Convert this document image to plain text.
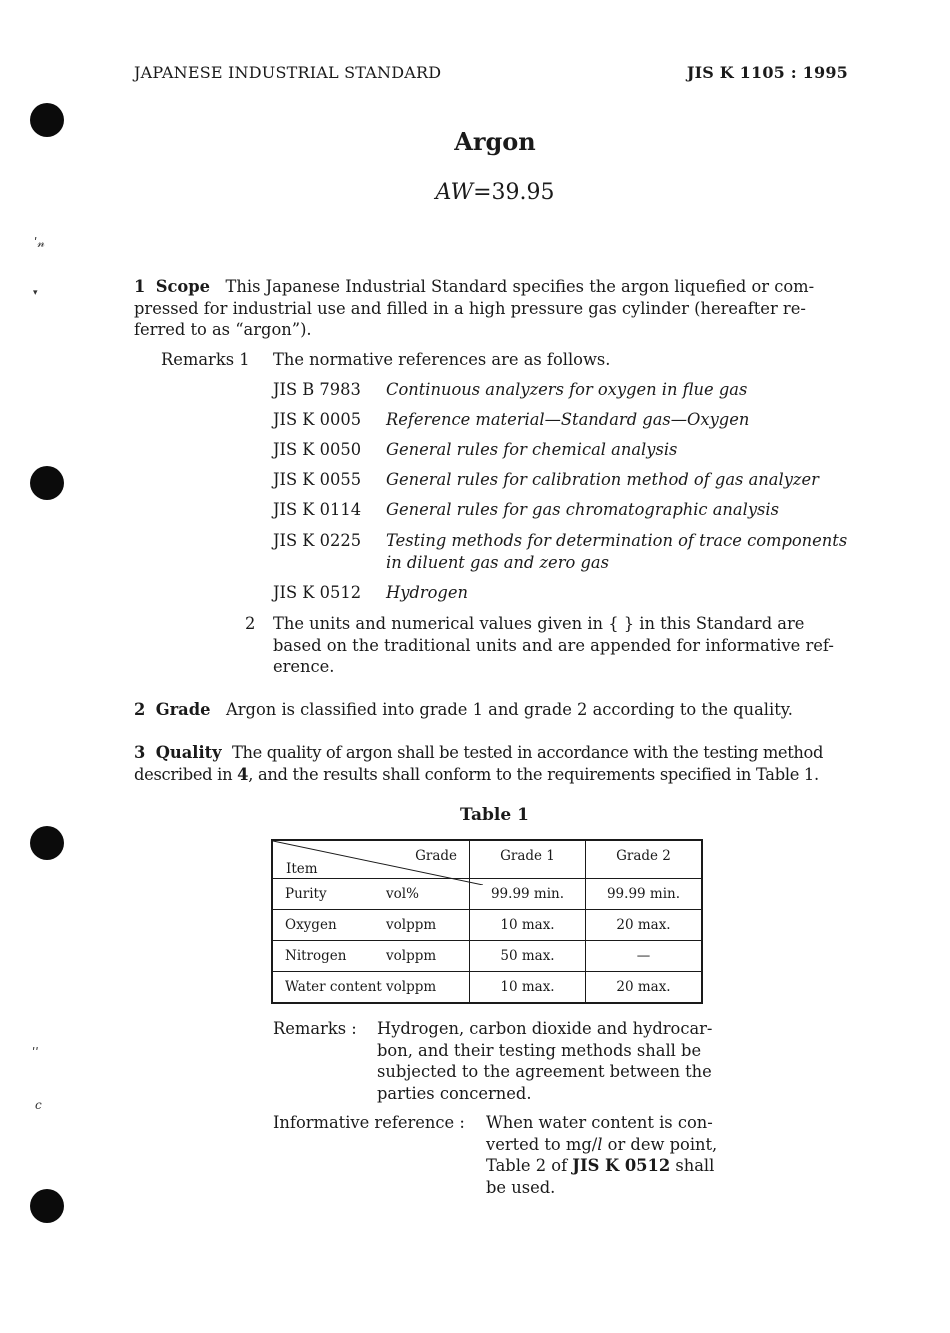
ʹ𝓃
▾
ʹʹ
c
JAPANESE INDUSTRIAL STANDARD	JIS K 1105 : 1995
Argon
AW=39.95
1 Scope This Japanese Industrial Standard specifies the argon liquefied or com-
pressed for industrial use and filled in a high pressure gas cylinder (hereafter re-
ferred to as “argon”).
Remarks 1 The normative references are as follows.
JIS B 7983 Continuous analyzers for oxygen in flue gas
JIS K 0005 Reference material—Standard gas—Oxygen
JIS K 0050 General rules for chemical analysis
JIS K 0055 General rules for calibration method of gas analyzer
JIS K 0114 General rules for gas chromatographic analysis
JIS K 0225 Testing methods for determination of trace components
in diluent gas and zero gas
JIS K 0512 Hydrogen
2 The units and numerical values given in { } in this Standard are
based on the traditional units and are appended for informative ref-
erence.
2 Grade Argon is classified into grade 1 and grade 2 according to the quality.
3 Quality The quality of argon shall be tested in accordance with the testing method
described in 4, and the results shall conform to the requirements specified in Table 1.
Table 1
Grade
Item	Grade 1	Grade 2
Purity vol%	99.99 min.	99.99 min.
Oxygen volppm	10 max.	20 max.
Nitrogen volppm	50 max.	—
Water content volppm	10 max.	20 max.
Remarks : Hydrogen, carbon dioxide and hydrocar-
bon, and their testing methods shall be
subjected to the agreement between the
parties concerned.
Informative reference : When water content is con-
verted to mg/l or dew point,
Table 2 of JIS K 0512 shall
be used.
